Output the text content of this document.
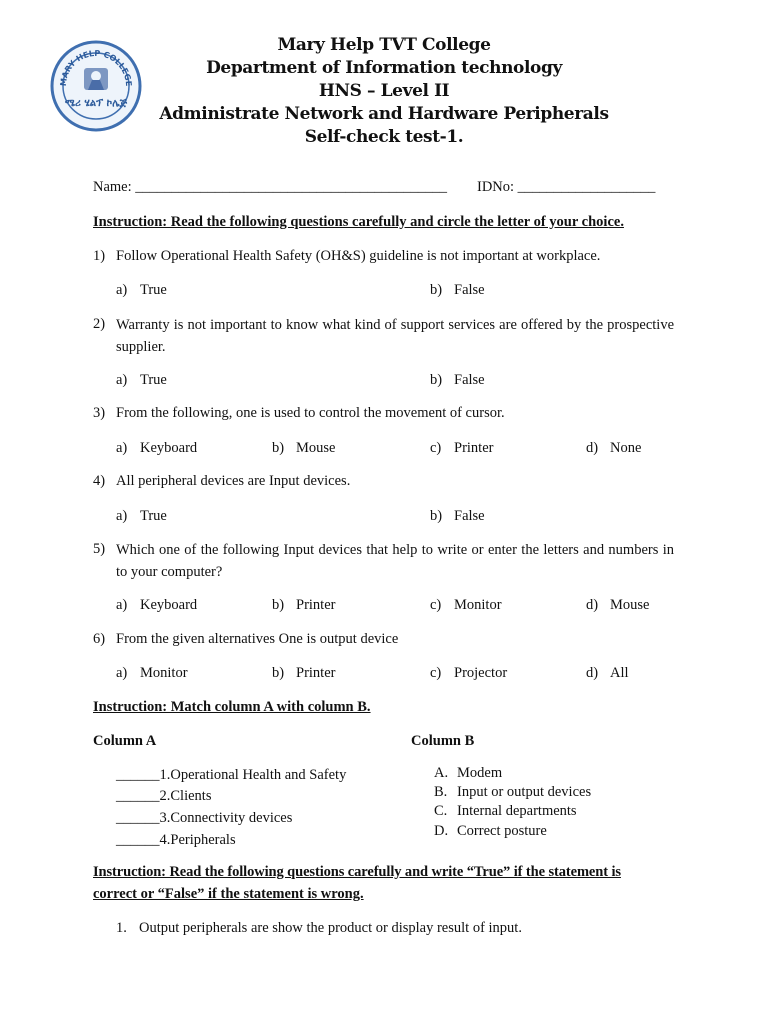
MARY HELP COLLEGE
ሜሪ ሄልፕ ኮሌጅ
Mary Help TVT College
Department of Information technology
HNS – Level II
Administrate Network and Hardware Peripherals
Self-check test-1.
Name: ___________________________________________ IDNo: ___________________
Instruction: Read the following questions carefully and circle the letter of your choice.
1) Follow Operational Health Safety (OH&S) guideline is not important at workplace.
a) True	b) False
2) Warranty is not important to know what kind of support services are offered by the prospective supplier.
a) True	b) False
3) From the following, one is used to control the movement of cursor.
a) Keyboard	b) Mouse	c) Printer	d) None
4) All peripheral devices are Input devices.
a) True	b) False
5) Which one of the following Input devices that help to write or enter the letters and numbers in to your computer?
a) Keyboard	b) Printer	c) Monitor	d) Mouse
6) From the given alternatives One is output device
a) Monitor	b) Printer	c) Projector	d) All
Instruction: Match column A with column B.
Column A	Column B
______1.Operational Health and Safety
______2.Clients
______3.Connectivity devices
______4.Peripherals
A. Modem
B. Input or output devices
C. Internal departments
D. Correct posture
Instruction: Read the following questions carefully and write “True” if the statement is
correct or “False” if the statement is wrong.
1. Output peripherals are show the product or display result of input.
